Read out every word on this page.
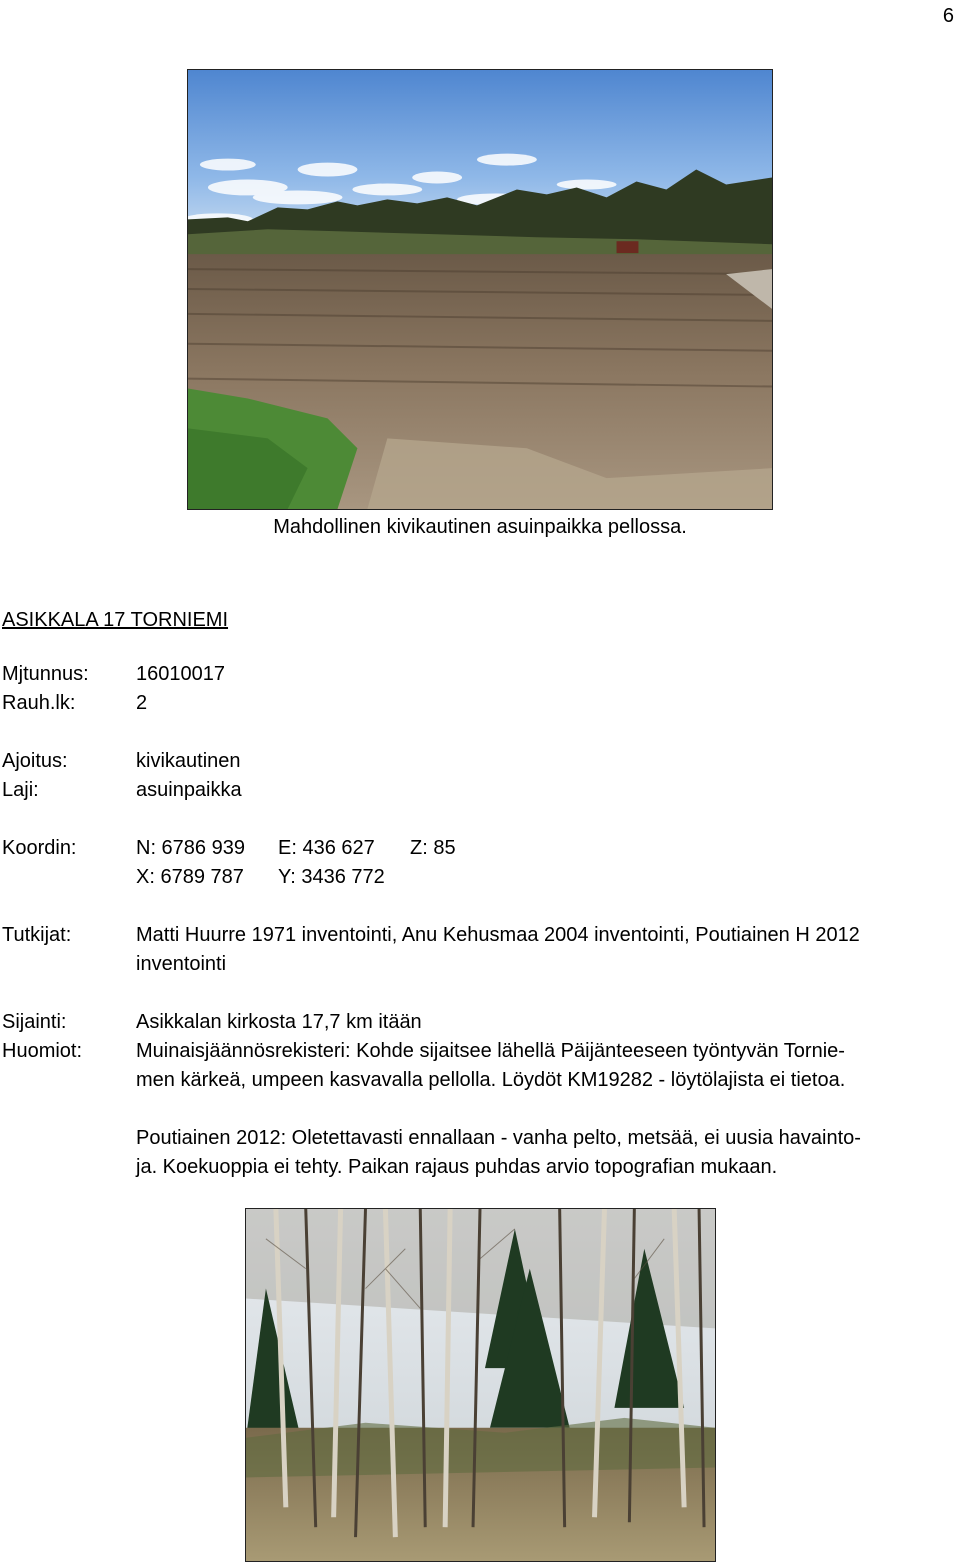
6
Mahdollinen kivikautinen asuinpaikka pellossa.
ASIKKALA 17 TORNIEMI
Mjtunnus:	16010017
Rauh.lk:	2
Ajoitus:	kivikautinen
Laji:	asuinpaikka
Koordin:	N: 6786 939 E: 436 627 Z: 85
X: 6789 787 Y: 3436 772
Tutkijat:	Matti Huurre 1971 inventointi, Anu Kehusmaa 2004 inventointi, Poutiainen H 2012
inventointi
Sijainti:	Asikkalan kirkosta 17,7 km itään
Huomiot:	Muinaisjäännösrekisteri: Kohde sijaitsee lähellä Päijänteeseen työntyvän Tornie-
men kärkeä, umpeen kasvavalla pellolla. Löydöt KM19282 - löytölajista ei tietoa.
Poutiainen 2012: Oletettavasti ennallaan - vanha pelto, metsää, ei uusia havainto-
ja. Koekuoppia ei tehty. Paikan rajaus puhdas arvio topografian mukaan.
